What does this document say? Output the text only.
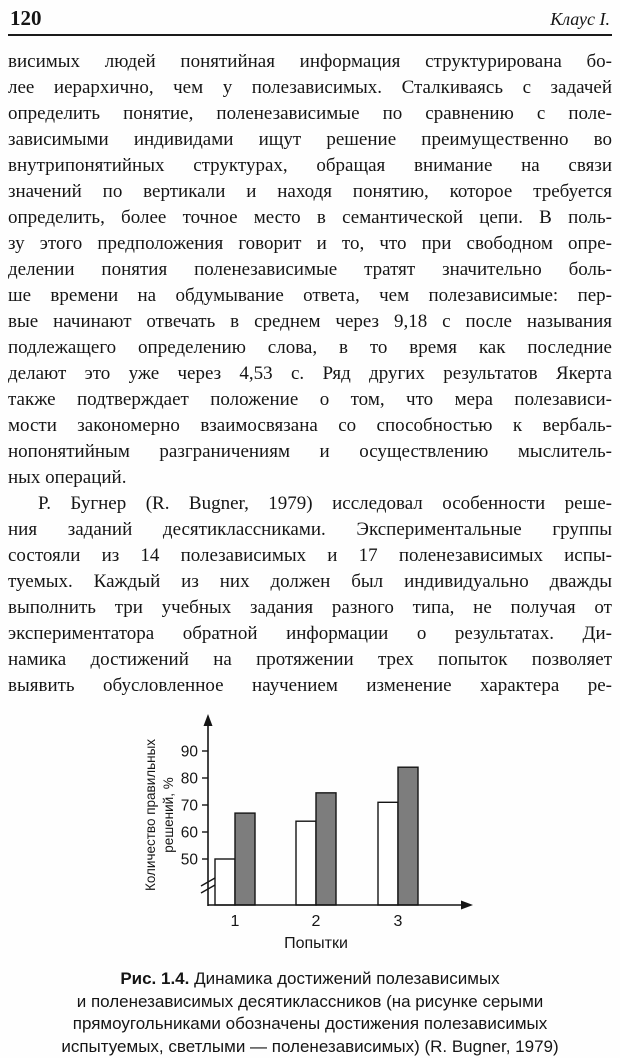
120	Клаус I.
висимых людей понятийная информация структурирована бо-
лее иерархично, чем у полезависимых. Сталкиваясь с задачей
определить понятие, поленезависимые по сравнению с поле-
зависимыми индивидами ищут решение преимущественно во
внутрипонятийных структурах, обращая внимание на связи
значений по вертикали и находя понятию, которое требуется
определить, более точное место в семантической цепи. В поль-
зу этого предположения говорит и то, что при свободном опре-
делении понятия поленезависимые тратят значительно боль-
ше времени на обдумывание ответа, чем полезависимые: пер-
вые начинают отвечать в среднем через 9,18 с после называния
подлежащего определению слова, в то время как последние
делают это уже через 4,53 с. Ряд других результатов Якерта
также подтверждает положение о том, что мера полезависи-
мости закономерно взаимосвязана со способностью к вербаль-
нопонятийным разграничениям и осуществлению мыслитель-
ных операций.
Р. Бугнер (R. Bugner, 1979) исследовал особенности реше-
ния заданий десятиклассниками. Экспериментальные группы
состояли из 14 полезависимых и 17 поленезависимых испы-
туемых. Каждый из них должен был индивидуально дважды
выполнить три учебных задания разного типа, не получая от
экспериментатора обратной информации о результатах. Ди-
намика достижений на протяжении трех попыток позволяет
выявить обусловленное научением изменение характера ре-
1	2	3
50
60
70
80
90
Количество правильных решений, %
Попытки
Рис. 1.4. Динамика достижений полезависимых
и поленезависимых десятиклассников (на рисунке серыми
прямоугольниками обозначены достижения полезависимых
испытуемых, светлыми — поленезависимых) (R. Bugner, 1979)
